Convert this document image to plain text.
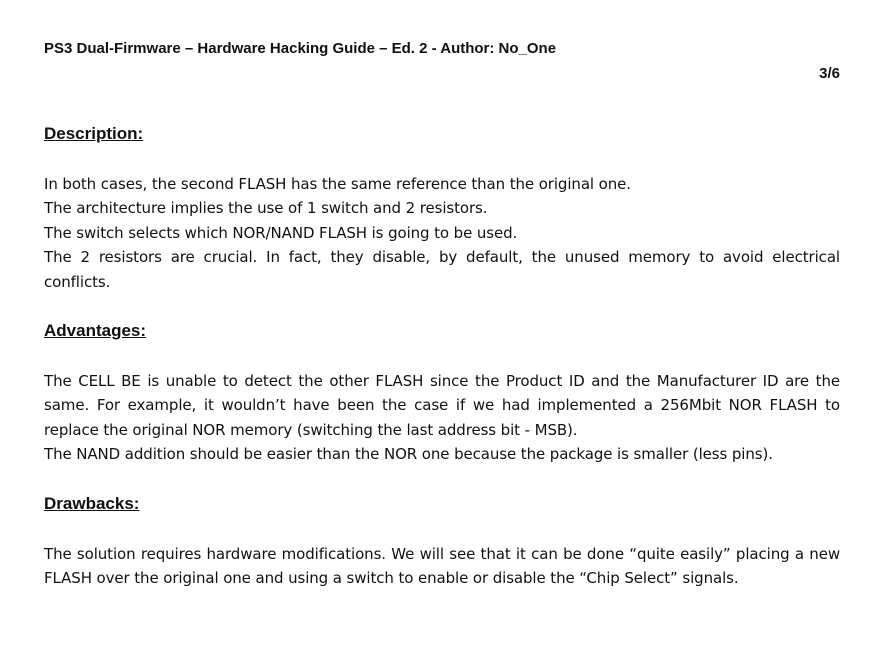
PS3 Dual-Firmware – Hardware Hacking Guide – Ed. 2 - Author: No_One
3/6
Description:

In both cases, the second FLASH has the same reference than the original one.

The architecture implies the use of 1 switch and 2 resistors.

The switch selects which NOR/NAND FLASH is going to be used.

The 2 resistors are crucial. In fact, they disable, by default, the unused memory to avoid electrical conflicts.

Advantages:

The CELL BE is unable to detect the other FLASH since the Product ID and the Manufacturer ID are the same. For example, it wouldn’t have been the case if we had implemented a 256Mbit NOR FLASH to replace the original NOR memory (switching the last address bit - MSB).

The NAND addition should be easier than the NOR one because the package is smaller (less pins).

Drawbacks:

The solution requires hardware modifications. We will see that it can be done “quite easily” placing a new FLASH over the original one and using a switch to enable or disable the “Chip Select” signals.
